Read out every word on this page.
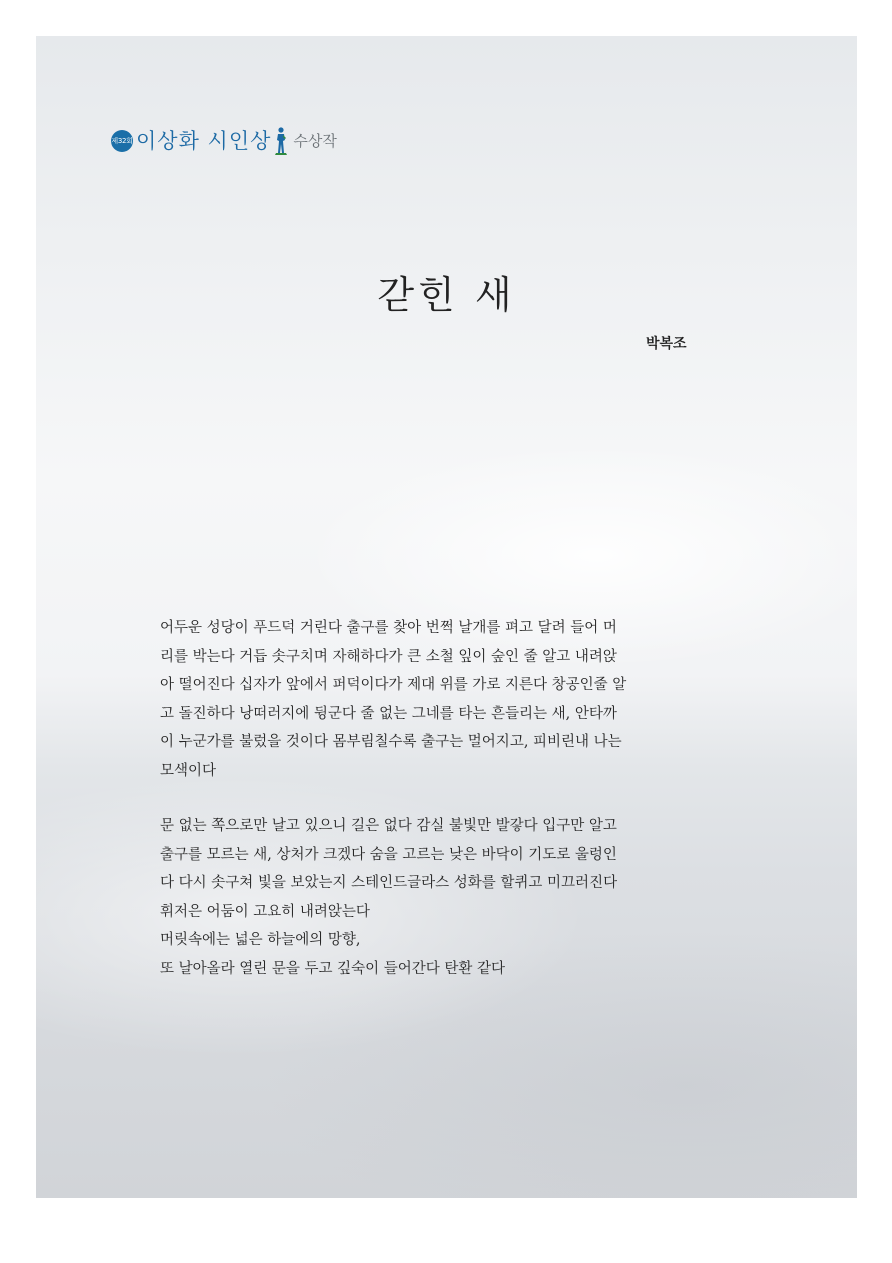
제32회 이상화 시인상 수상작
갇힌 새
박복조
어두운 성당이 푸드덕 거린다 출구를 찾아 번쩍 날개를 펴고 달려 들어 머
리를 박는다 거듭 솟구치며 자해하다가 큰 소철 잎이 숲인 줄 알고 내려앉
아 떨어진다 십자가 앞에서 퍼덕이다가 제대 위를 가로 지른다 창공인줄 알
고 돌진하다 낭떠러지에 뒹군다 줄 없는 그네를 타는 흔들리는 새, 안타까
이 누군가를 불렀을 것이다 몸부림칠수록 출구는 멀어지고, 피비린내 나는
모색이다
문 없는 쪽으로만 날고 있으니 길은 없다 감실 불빛만 발갛다 입구만 알고
출구를 모르는 새, 상처가 크겠다 숨을 고르는 낮은 바닥이 기도로 울렁인
다 다시 솟구쳐 빛을 보았는지 스테인드글라스 성화를 할퀴고 미끄러진다
휘저은 어둠이 고요히 내려앉는다
머릿속에는 넓은 하늘에의 망향,
또 날아올라 열린 문을 두고 깊숙이 들어간다 탄환 같다
